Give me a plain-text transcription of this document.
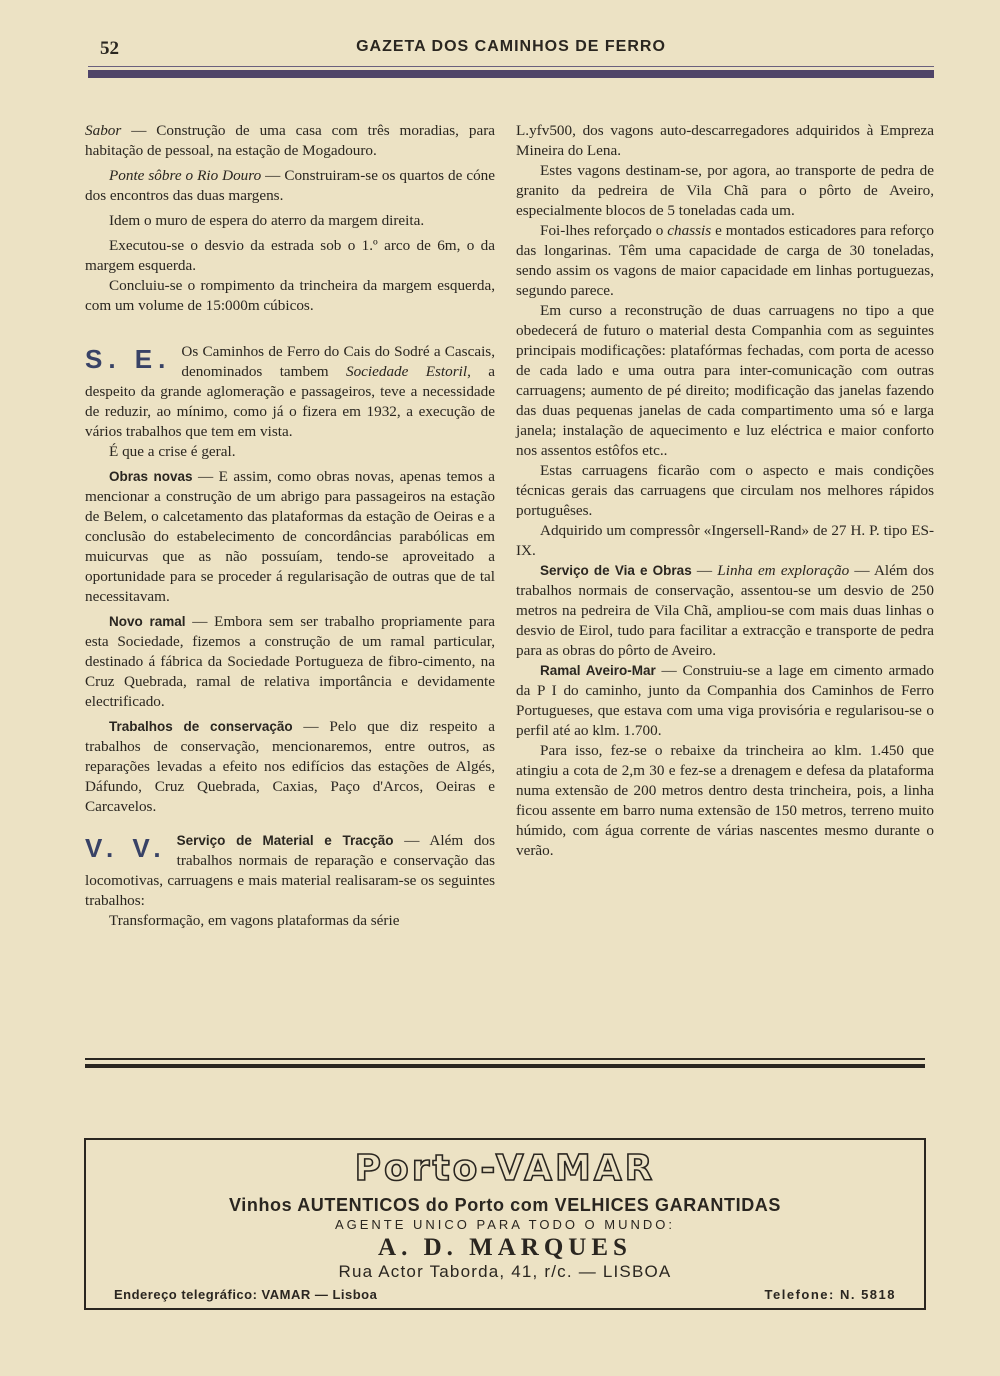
52	GAZETA DOS CAMINHOS DE FERRO

Sabor — Construção de uma casa com três moradias, para habitação de pessoal, na estação de Mogadouro.

Ponte sôbre o Rio Douro — Construiram-se os quartos de cóne dos encontros das duas margens.

Idem o muro de espera do aterro da margem direita.

Executou-se o desvio da estrada sob o 1.º arco de 6m, o da margem esquerda.

Concluiu-se o rompimento da trincheira da margem esquerda, com um volume de 15:000m cúbicos.

S. E. Os Caminhos de Ferro do Cais do Sodré a Cascais, denominados tambem Sociedade Estoril, a despeito da grande aglomeração e passageiros, teve a necessidade de reduzir, ao mínimo, como já o fizera em 1932, a execução de vários trabalhos que tem em vista.

É que a crise é geral.

Obras novas — E assim, como obras novas, apenas temos a mencionar a construção de um abrigo para passageiros na estação de Belem, o calcetamento das plataformas da estação de Oeiras e a conclusão do estabelecimento de concordâncias parabólicas em muicurvas que as não possuíam, tendo-se aproveitado a oportunidade para se proceder á regularisação de outras que de tal necessitavam.

Novo ramal — Embora sem ser trabalho propriamente para esta Sociedade, fizemos a construção de um ramal particular, destinado á fábrica da Sociedade Portugueza de fibro-cimento, na Cruz Quebrada, ramal de relativa importância e devidamente electrificado.

Trabalhos de conservação — Pelo que diz respeito a trabalhos de conservação, mencionaremos, entre outros, as reparações levadas a efeito nos edifícios das estações de Algés, Dáfundo, Cruz Quebrada, Caxias, Paço d'Arcos, Oeiras e Carcavelos.

V. V. Serviço de Material e Tracção — Além dos trabalhos normais de reparação e conservação das locomotivas, carruagens e mais material realisaram-se os seguintes trabalhos:

Transformação, em vagons plataformas da série

L.yfv500, dos vagons auto-descarregadores adquiridos à Empreza Mineira do Lena.

Estes vagons destinam-se, por agora, ao transporte de pedra de granito da pedreira de Vila Chã para o pôrto de Aveiro, especialmente blocos de 5 toneladas cada um.

Foi-lhes reforçado o chassis e montados esticadores para reforço das longarinas. Têm uma capacidade de carga de 30 toneladas, sendo assim os vagons de maior capacidade em linhas portuguezas, segundo parece.

Em curso a reconstrução de duas carruagens no tipo a que obedecerá de futuro o material desta Companhia com as seguintes principais modificações: platafórmas fechadas, com porta de acesso de cada lado e uma outra para inter-comunicação com outras carruagens; aumento de pé direito; modificação das janelas fazendo das duas pequenas janelas de cada compartimento uma só e larga janela; instalação de aquecimento e luz eléctrica e maior conforto nos assentos estôfos etc..

Estas carruagens ficarão com o aspecto e mais condições técnicas gerais das carruagens que circulam nos melhores rápidos portuguêses.

Adquirido um compressôr «Ingersell-Rand» de 27 H. P. tipo ES-IX.

Serviço de Via e Obras — Linha em exploração — Além dos trabalhos normais de conservação, assentou-se um desvio de 250 metros na pedreira de Vila Chã, ampliou-se com mais duas linhas o desvio de Eirol, tudo para facilitar a extracção e transporte de pedra para as obras do pôrto de Aveiro.

Ramal Aveiro-Mar — Construiu-se a lage em cimento armado da P I do caminho, junto da Companhia dos Caminhos de Ferro Portugueses, que estava com uma viga provisória e regularisou-se o perfil até ao klm. 1.700.

Para isso, fez-se o rebaixe da trincheira ao klm. 1.450 que atingiu a cota de 2,m 30 e fez-se a drenagem e defesa da plataforma numa extensão de 200 metros dentro desta trincheira, pois, a linha ficou assente em barro numa extensão de 150 metros, terreno muito húmido, com água corrente de várias nascentes mesmo durante o verão.

Porto-VAMAR
Vinhos AUTENTICOS do Porto com VELHICES GARANTIDAS
AGENTE UNICO PARA TODO O MUNDO:
A. D. MARQUES
Rua Actor Taborda, 41, r/c. — LISBOA
Endereço telegráfico: VAMAR — Lisboa	Telefone: N. 5818
